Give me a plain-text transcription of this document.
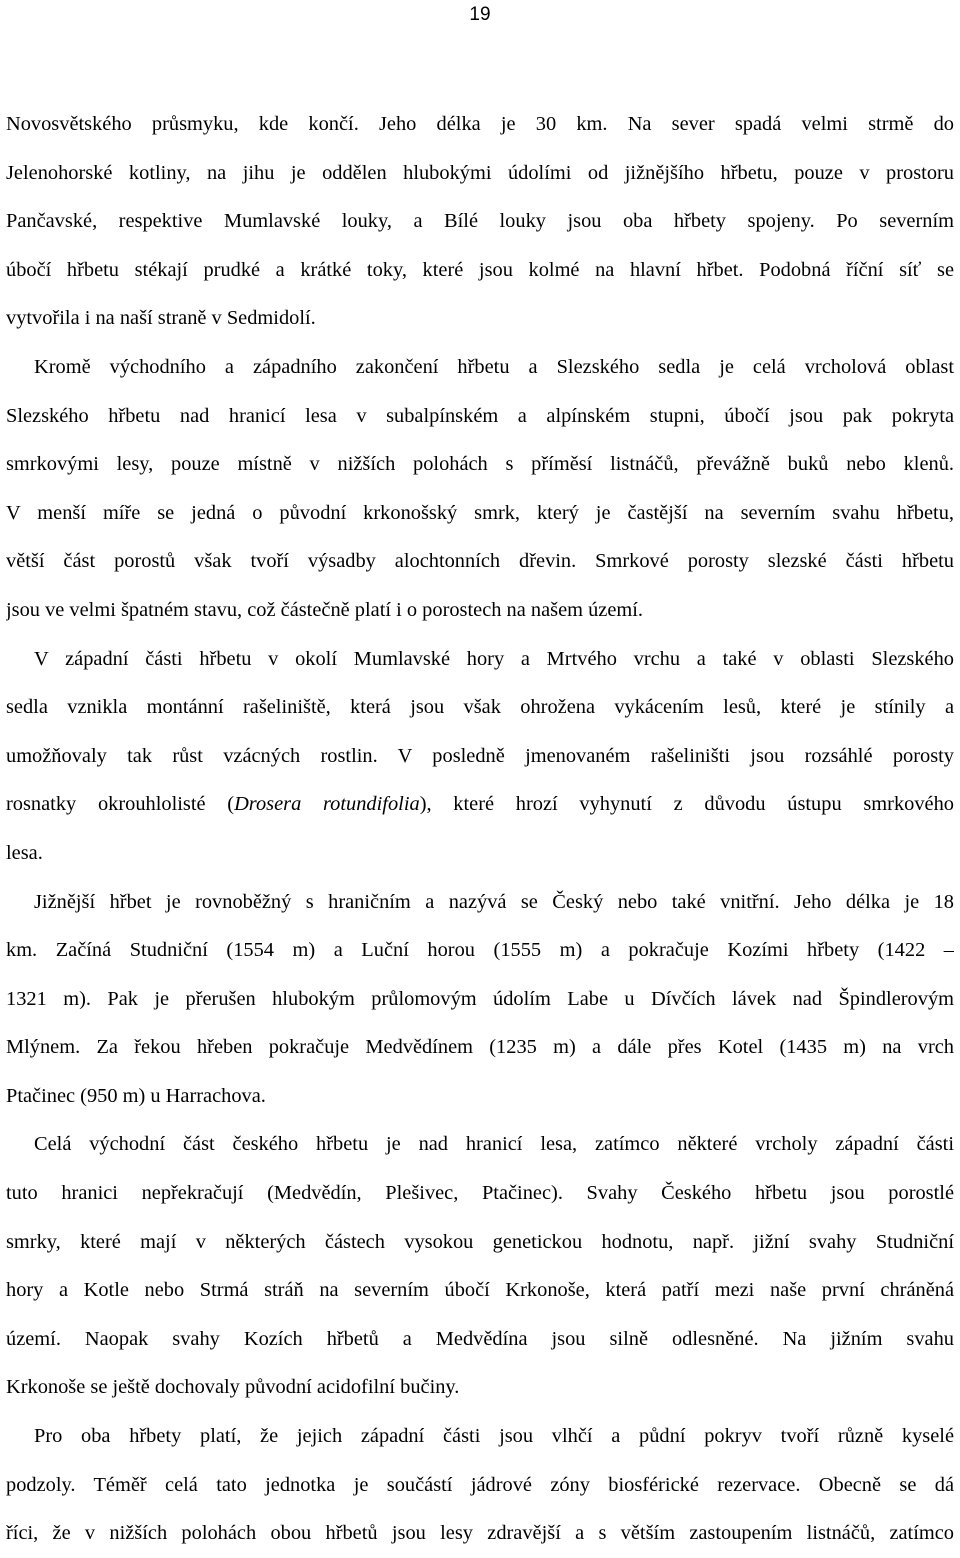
19
Novosvětského průsmyku, kde končí. Jeho délka je 30 km. Na sever spadá velmi strmě do
Jelenohorské kotliny, na jihu je oddělen hlubokými údolími od jižnějšího hřbetu, pouze v prostoru
Pančavské, respektive Mumlavské louky, a Bílé louky jsou oba hřbety spojeny. Po severním
úbočí hřbetu stékají prudké a krátké toky, které jsou kolmé na hlavní hřbet. Podobná říční síť se
vytvořila i na naší straně v Sedmidolí.
Kromě východního a západního zakončení hřbetu a Slezského sedla je celá vrcholová oblast
Slezského hřbetu nad hranicí lesa v subalpínském a alpínském stupni, úbočí jsou pak pokryta
smrkovými lesy, pouze místně v nižších polohách s příměsí listnáčů, převážně buků nebo klenů.
V menší míře se jedná o původní krkonošský smrk, který je častější na severním svahu hřbetu,
větší část porostů však tvoří výsadby alochtonních dřevin. Smrkové porosty slezské části hřbetu
jsou ve velmi špatném stavu, což částečně platí i o porostech na našem území.
V západní části hřbetu v okolí Mumlavské hory a Mrtvého vrchu a také v oblasti Slezského
sedla vznikla montánní rašeliniště, která jsou však ohrožena vykácením lesů, které je stínily a
umožňovaly tak růst vzácných rostlin. V posledně jmenovaném rašeliništi jsou rozsáhlé porosty
rosnatky okrouhlolisté (Drosera rotundifolia), které hrozí vyhynutí z důvodu ústupu smrkového
lesa.
Jižnější hřbet je rovnoběžný s hraničním a nazývá se Český nebo také vnitřní. Jeho délka je 18
km. Začíná Studniční (1554 m) a Luční horou (1555 m) a pokračuje Kozími hřbety (1422 –
1321 m). Pak je přerušen hlubokým průlomovým údolím Labe u Dívčích lávek nad Špindlerovým
Mlýnem. Za řekou hřeben pokračuje Medvědínem (1235 m) a dále přes Kotel (1435 m) na vrch
Ptačinec (950 m) u Harrachova.
Celá východní část českého hřbetu je nad hranicí lesa, zatímco některé vrcholy západní části
tuto hranici nepřekračují (Medvědín, Plešivec, Ptačinec). Svahy Českého hřbetu jsou porostlé
smrky, které mají v některých částech vysokou genetickou hodnotu, např. jižní svahy Studniční
hory a Kotle nebo Strmá stráň na severním úbočí Krkonoše, která patří mezi naše první chráněná
území. Naopak svahy Kozích hřbetů a Medvědína jsou silně odlesněné. Na jižním svahu
Krkonoše se ještě dochovaly původní acidofilní bučiny.
Pro oba hřbety platí, že jejich západní části jsou vlhčí a půdní pokryv tvoří různě kyselé
podzoly. Téměř celá tato jednotka je součástí jádrové zóny biosférické rezervace. Obecně se dá
říci, že v nižších polohách obou hřbetů jsou lesy zdravější a s větším zastoupením listnáčů, zatímco
